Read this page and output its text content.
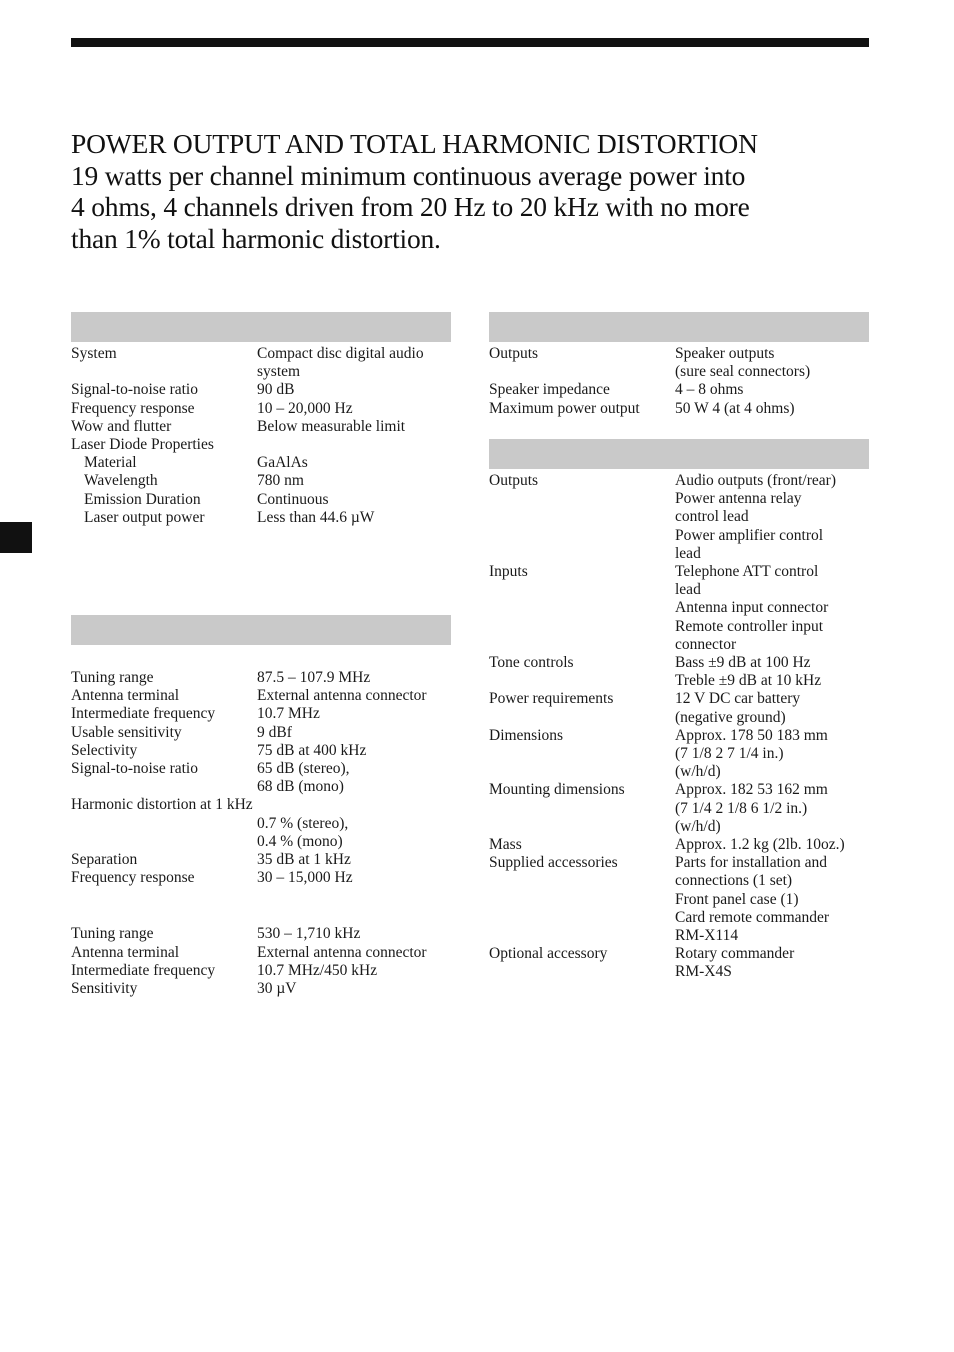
POWER OUTPUT AND TOTAL HARMONIC DISTORTION
19 watts per channel minimum continuous average power into
4 ohms, 4 channels driven from 20 Hz to 20 kHz with no more
than 1% total harmonic distortion.
System	Compact disc digital audio
system
Signal-to-noise ratio	90 dB
Frequency response	10 – 20,000 Hz
Wow and flutter	Below measurable limit
Laser Diode Properties
Material	GaAlAs
Wavelength	780 nm
Emission Duration	Continuous
Laser output power	Less than 44.6 µW
Tuning range	87.5 – 107.9 MHz
Antenna terminal	External antenna connector
Intermediate frequency	10.7 MHz
Usable sensitivity	9 dBf
Selectivity	75 dB at 400 kHz
Signal-to-noise ratio	65 dB (stereo),
68 dB (mono)
Harmonic distortion at 1 kHz
0.7 % (stereo),
0.4 % (mono)
Separation	35 dB at 1 kHz
Frequency response	30 – 15,000 Hz
Tuning range	530 – 1,710 kHz
Antenna terminal	External antenna connector
Intermediate frequency	10.7 MHz/450 kHz
Sensitivity	30 µV
Outputs	Speaker outputs
(sure seal connectors)
Speaker impedance	4 – 8 ohms
Maximum power output	50 W 4 (at 4 ohms)
Outputs	Audio outputs (front/rear)
Power antenna relay
control lead
Power amplifier control
lead
Inputs	Telephone ATT control
lead
Antenna input connector
Remote controller input
connector
Tone controls	Bass ±9 dB at 100 Hz
Treble ±9 dB at 10 kHz
Power requirements	12 V DC car battery
(negative ground)
Dimensions	Approx. 178 50 183 mm
(7 1/8 2 7 1/4 in.)
(w/h/d)
Mounting dimensions	Approx. 182 53 162 mm
(7 1/4 2 1/8 6 1/2 in.)
(w/h/d)
Mass	Approx. 1.2 kg (2lb. 10oz.)
Supplied accessories	Parts for installation and
connections (1 set)
Front panel case (1)
Card remote commander
RM-X114
Optional accessory	Rotary commander
RM-X4S
